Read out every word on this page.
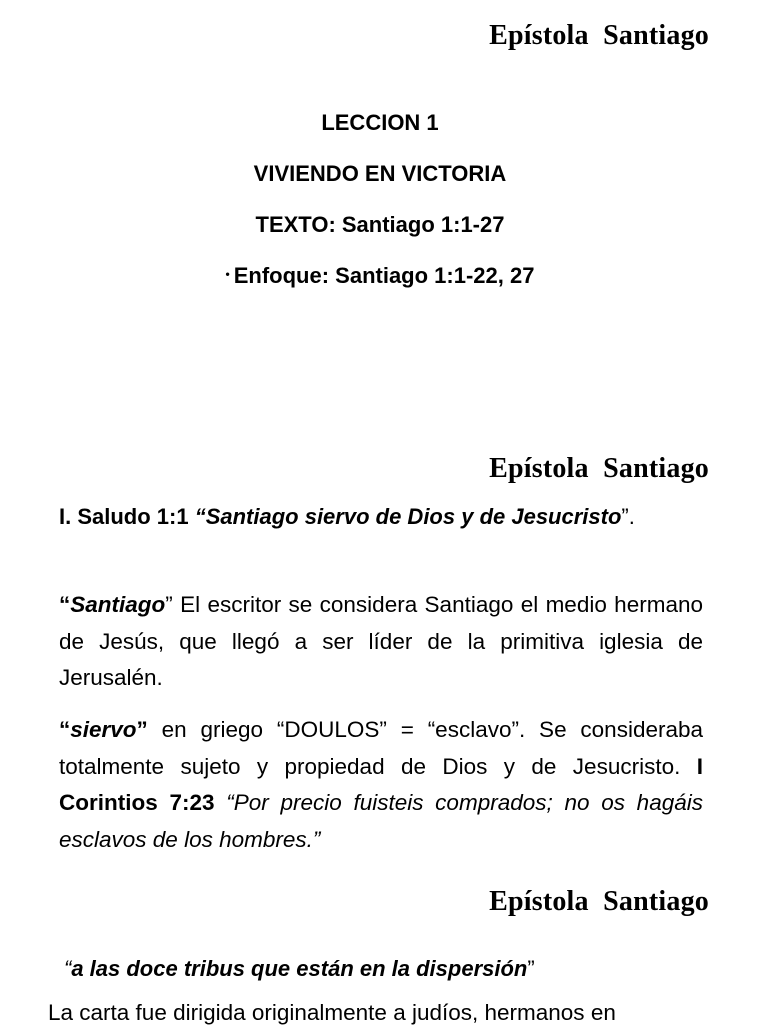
Epístola  Santiago
LECCION 1
VIVIENDO EN VICTORIA
TEXTO: Santiago 1:1-27
• Enfoque: Santiago 1:1-22, 27
Epístola  Santiago
I. Saludo 1:1 “Santiago siervo de Dios y de Jesucristo”.
“Santiago” El escritor se considera Santiago el medio hermano de Jesús, que llegó a ser líder de la primitiva iglesia de Jerusalén.
“siervo” en griego “DOULOS” = “esclavo”. Se consideraba totalmente sujeto y propiedad de Dios y de Jesucristo. I Corintios 7:23 “Por precio fuisteis comprados; no os hagáis esclavos de los hombres.”
Epístola  Santiago
“a las doce tribus que están en la dispersión”
La carta fue dirigida originalmente a judíos, hermanos en
